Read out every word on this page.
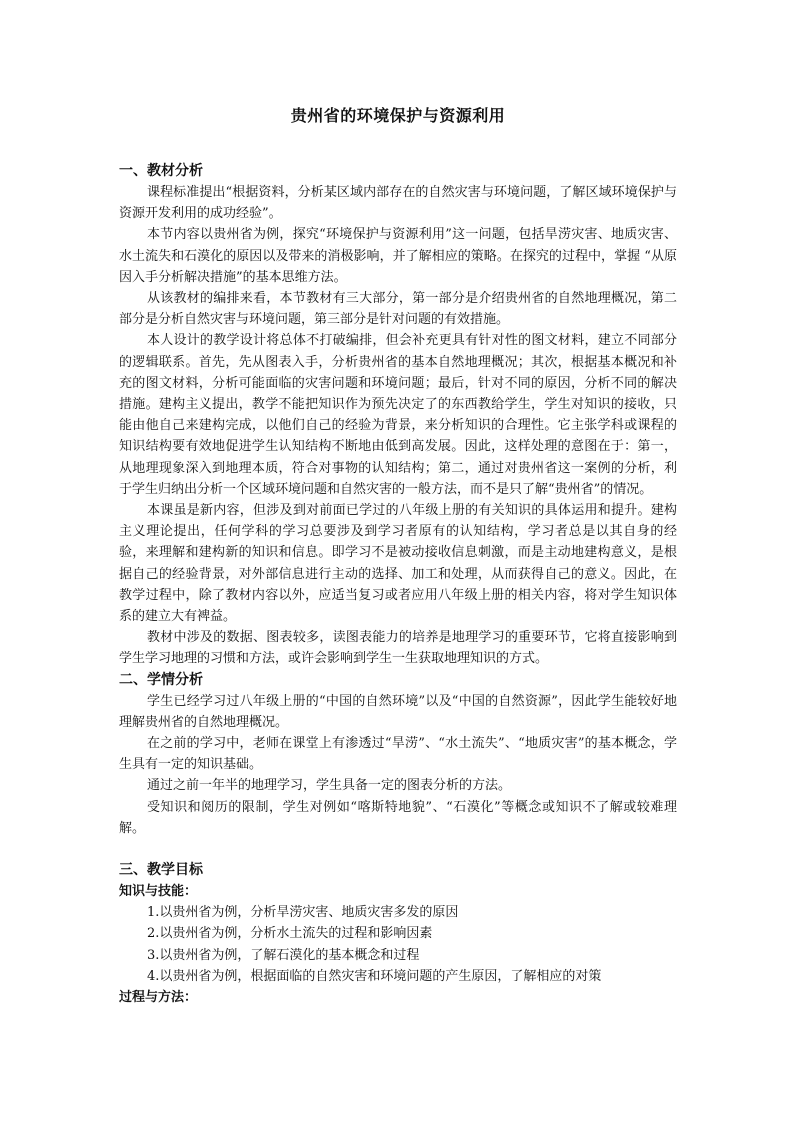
贵州省的环境保护与资源利用
一、教材分析

课程标准提出“根据资料，分析某区域内部存在的自然灾害与环境问题，了解区域环境保护与资源开发利用的成功经验”。

本节内容以贵州省为例，探究“环境保护与资源利用”这一问题，包括旱涝灾害、地质灾害、水土流失和石漠化的原因以及带来的消极影响，并了解相应的策略。在探究的过程中，掌握 “从原因入手分析解决措施”的基本思维方法。

从该教材的编排来看，本节教材有三大部分，第一部分是介绍贵州省的自然地理概况，第二部分是分析自然灾害与环境问题，第三部分是针对问题的有效措施。

本人设计的教学设计将总体不打破编排，但会补充更具有针对性的图文材料，建立不同部分的逻辑联系。首先，先从图表入手，分析贵州省的基本自然地理概况；其次，根据基本概况和补充的图文材料，分析可能面临的灾害问题和环境问题；最后，针对不同的原因，分析不同的解决措施。建构主义提出，教学不能把知识作为预先决定了的东西教给学生，学生对知识的接收，只能由他自己来建构完成，以他们自己的经验为背景，来分析知识的合理性。它主张学科或课程的知识结构要有效地促进学生认知结构不断地由低到高发展。因此，这样处理的意图在于：第一，从地理现象深入到地理本质，符合对事物的认知结构；第二，通过对贵州省这一案例的分析，利于学生归纳出分析一个区域环境问题和自然灾害的一般方法，而不是只了解“贵州省”的情况。

本课虽是新内容，但涉及到对前面已学过的八年级上册的有关知识的具体运用和提升。建构主义理论提出，任何学科的学习总要涉及到学习者原有的认知结构，学习者总是以其自身的经验，来理解和建构新的知识和信息。即学习不是被动接收信息刺激，而是主动地建构意义，是根据自己的经验背景，对外部信息进行主动的选择、加工和处理，从而获得自己的意义。因此，在教学过程中，除了教材内容以外，应适当复习或者应用八年级上册的相关内容，将对学生知识体系的建立大有裨益。

教材中涉及的数据、图表较多，读图表能力的培养是地理学习的重要环节，它将直接影响到学生学习地理的习惯和方法，或许会影响到学生一生获取地理知识的方式。

二、学情分析

学生已经学习过八年级上册的“中国的自然环境”以及“中国的自然资源”，因此学生能较好地理解贵州省的自然地理概况。

在之前的学习中，老师在课堂上有渗透过“旱涝”、“水土流失”、“地质灾害”的基本概念，学生具有一定的知识基础。

通过之前一年半的地理学习，学生具备一定的图表分析的方法。

受知识和阅历的限制，学生对例如“喀斯特地貌”、“石漠化”等概念或知识不了解或较难理解。

三、教学目标
知识与技能：
1.以贵州省为例，分析旱涝灾害、地质灾害多发的原因
2.以贵州省为例，分析水土流失的过程和影响因素
3.以贵州省为例，了解石漠化的基本概念和过程
4.以贵州省为例，根据面临的自然灾害和环境问题的产生原因，了解相应的对策
过程与方法：
